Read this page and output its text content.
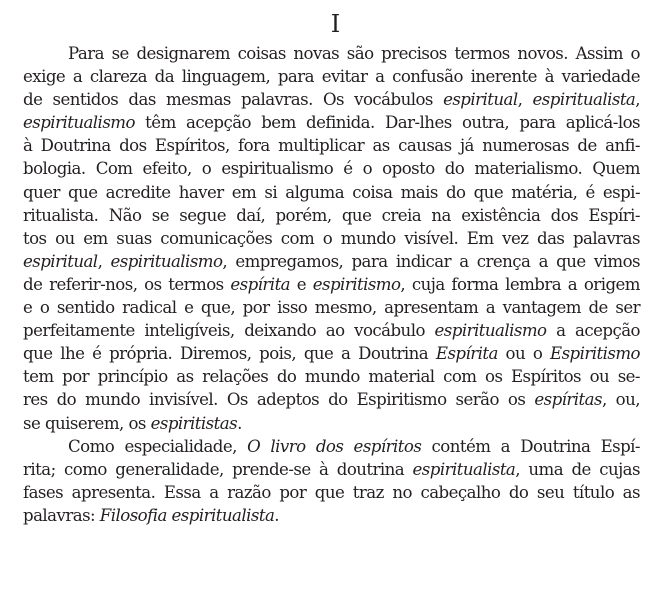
I
Para se designarem coisas novas são precisos termos novos. Assim o
exige a clareza da linguagem, para evitar a confusão inerente à variedade
de sentidos das mesmas palavras. Os vocábulos espiritual, espiritualista,
espiritualismo têm acepção bem definida. Dar-lhes outra, para aplicá-los
à Doutrina dos Espíritos, fora multiplicar as causas já numerosas de anfi-
bologia. Com efeito, o espiritualismo é o oposto do materialismo. Quem
quer que acredite haver em si alguma coisa mais do que matéria, é espi-
ritualista. Não se segue daí, porém, que creia na existência dos Espíri-
tos ou em suas comunicações com o mundo visível. Em vez das palavras
espiritual, espiritualismo, empregamos, para indicar a crença a que vimos
de referir-nos, os termos espírita e espiritismo, cuja forma lembra a origem
e o sentido radical e que, por isso mesmo, apresentam a vantagem de ser
perfeitamente inteligíveis, deixando ao vocábulo espiritualismo a acepção
que lhe é própria. Diremos, pois, que a Doutrina Espírita ou o Espiritismo
tem por princípio as relações do mundo material com os Espíritos ou se-
res do mundo invisível. Os adeptos do Espiritismo serão os espíritas, ou,
se quiserem, os espiritistas.
Como especialidade, O livro dos espíritos contém a Doutrina Espí-
rita; como generalidade, prende-se à doutrina espiritualista, uma de cujas
fases apresenta. Essa a razão por que traz no cabeçalho do seu título as
palavras: Filosofia espiritualista.
